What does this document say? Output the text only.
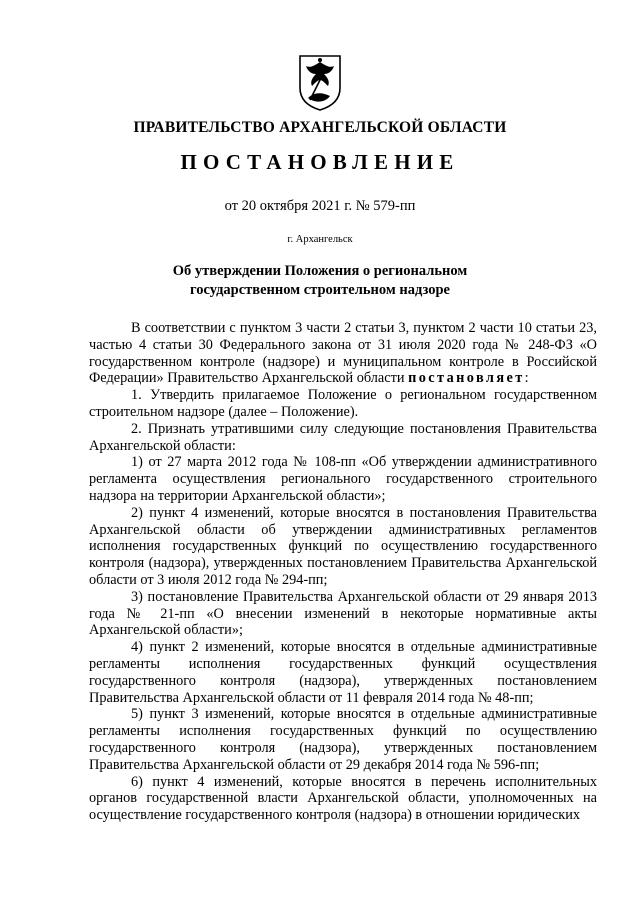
ПРАВИТЕЛЬСТВО АРХАНГЕЛЬСКОЙ ОБЛАСТИ
ПОСТАНОВЛЕНИЕ
от 20 октября 2021 г. № 579-пп
г. Архангельск
Об утверждении Положения о региональном
государственном строительном надзоре

В соответствии с пунктом 3 части 2 статьи 3, пунктом 2 части 10 статьи 23, частью 4 статьи 30 Федерального закона от 31 июля 2020 года № 248-ФЗ «О государственном контроле (надзоре) и муниципальном контроле в Российской Федерации» Правительство Архангельской области постановляет:

1. Утвердить прилагаемое Положение о региональном государственном строительном надзоре (далее – Положение).

2. Признать утратившими силу следующие постановления Правительства Архангельской области:

1) от 27 марта 2012 года № 108-пп «Об утверждении административного регламента осуществления регионального государственного строительного надзора на территории Архангельской области»;

2) пункт 4 изменений, которые вносятся в постановления Правительства Архангельской области об утверждении административных регламентов исполнения государственных функций по осуществлению государственного контроля (надзора), утвержденных постановлением Правительства Архангельской области от 3 июля 2012 года № 294-пп;

3) постановление Правительства Архангельской области от 29 января 2013 года № 21-пп «О внесении изменений в некоторые нормативные акты Архангельской области»;

4) пункт 2 изменений, которые вносятся в отдельные административные регламенты исполнения государственных функций осуществления государственного контроля (надзора), утвержденных постановлением Правительства Архангельской области от 11 февраля 2014 года № 48-пп;

5) пункт 3 изменений, которые вносятся в отдельные административные регламенты исполнения государственных функций по осуществлению государственного контроля (надзора), утвержденных постановлением Правительства Архангельской области от 29 декабря 2014 года № 596-пп;

6) пункт 4 изменений, которые вносятся в перечень исполнительных органов государственной власти Архангельской области, уполномоченных на осуществление государственного контроля (надзора) в отношении юридических
